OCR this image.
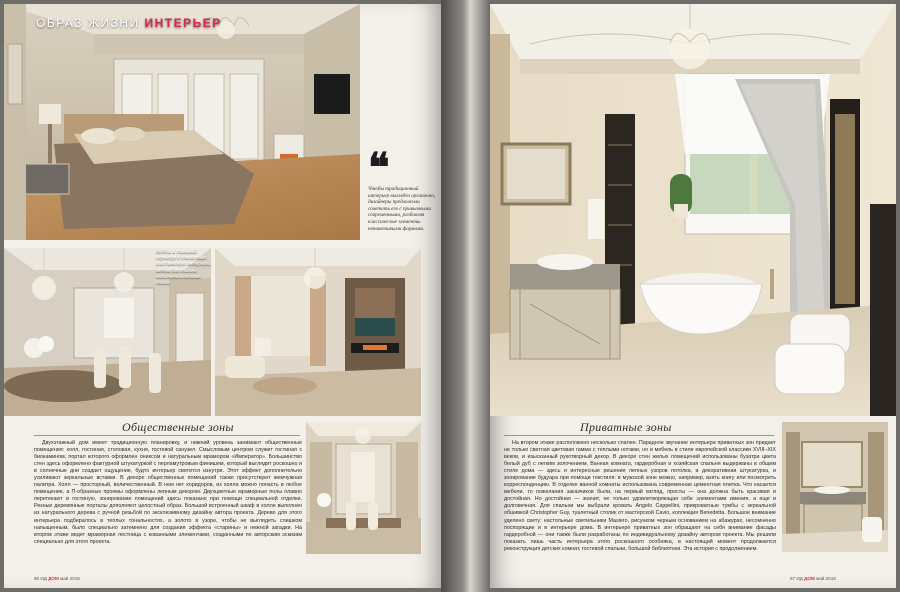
ОБРАЗ ЖИЗНИ ИНТЕРЬЕР
❝
Чтобы традиционный интерьер выглядел органично, дизайнеры предложили сочетать его с привычными современными, разбавляя классические элементы ненавязчивыми формами.
Мебель и спальный гарнитур в стилистике классического интерьера, мебель для спальни выполнена в светлых тонах.
Общественные зоны

Двухэтажный дом имеет традиционную планировку, и нижний уровень занимают общественные помещения: холл, гостиная, столовая, кухня, гостевой санузел. Смысловым центром служит гостиная с биокамином, портал которого оформлен ониксом и натуральным мрамором «Император». Большинство стен здесь оформлено фактурной штукатуркой с перламутровым финишем, который выглядит роскошно и в солнечные дни создает ощущение, будто интерьер светится изнутри. Этот эффект дополнительно усиливают зеркальные вставки. В декоре общественных помещений также присутствуют жемчужная палитра. Холл — просторный, величественный. В нем нет коридоров, из холла можно попасть в любое помещение, а П-образные проемы оформлены лепным декором. Двухцветные мраморные полы плавно перетекают в гостиную, зонирование помещений здесь показано при помощи специальной отделки. Резные деревянные порталы дополняют целостный образ. Большой встроенный шкаф в холле выполнен из натурального дерева с ручной резьбой по эксклюзивному дизайну автора проекта. Дерево для этого интерьера подбиралось в теплых тональностях, а золото в узоре, чтобы не выглядеть слишком напыщенным, было специально затемнено для создания эффекта «старины» и нежной загадки. На втором этаже ведет мраморная лестница с кованными элементами, созданными по авторским эскизам специально для этого проекта.

86 ИД ДОМ май 2018
Приватные зоны

На втором этаже расположено несколько спален. Парадное звучание интерьера приватных зон придает не только светлая цветовая гамма с теплыми нотами, но и мебель в стиле европейской классики XVIII–XIX веков, и изысканный рукотворный декор. В декоре стен жилых помещений использованы бузатри цвета белый дуб с легким золочением. Ванная комната, гардеробная и хозяйская спальня выдержаны в общем стиле дома — здесь и интересные решения лепных узоров потолка, и декоративная штукатурка, и зонирование будуара при помощи текстиля: в мужской зоне можно, например, взять книгу или посмотреть корреспонденцию. В отделке ванной комнаты использована современная цементная плитка. Что касается мебели, то пожелания заказчиков были, на первый взгляд, просты — она должна быть красивая и достойная. Но достойная — значит, не только удовлетворяющая себе элементами имения, а еще и долговечная. Для спальни мы выбрали кровать Angelo Cappellini, прикроватные тумбы с зеркальной обшивкой Christopher Guy, туалетный столик от мастерской Cavio, коллекция Benedetta. Большое внимание уделено свету: настольные светильники Masiero, рисунком черным основанием на абажурах, несомненно поспорящие и в интерьере дома. В интерьере приватных зон обращают на себя внимание фасады гардеробной — они также были разработаны по индивидуальному дизайну автором проекта. Мы решили показать лишь часть интерьера этого роскошного особняка, в настоящий момент продолжается реконструкция детских комнат, гостевой спальни, большой библиотеки. Эта история с продолжением.

87 ИД ДОМ май 2018
